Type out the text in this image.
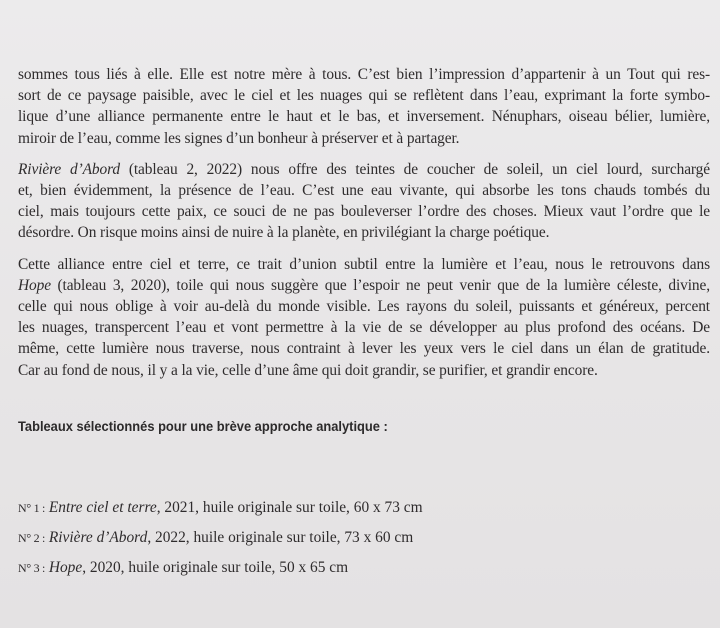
sommes tous liés à elle. Elle est notre mère à tous. C’est bien l’impression d’appartenir à un Tout qui res-
sort de ce paysage paisible, avec le ciel et les nuages qui se reflètent dans l’eau, exprimant la forte symbo-
lique d’une alliance permanente entre le haut et le bas, et inversement. Nénuphars, oiseau bélier, lumière,
miroir de l’eau, comme les signes d’un bonheur à préserver et à partager.

Rivière d’Abord (tableau 2, 2022) nous offre des teintes de coucher de soleil, un ciel lourd, surchargé
et, bien évidemment, la présence de l’eau. C’est une eau vivante, qui absorbe les tons chauds tombés du
ciel, mais toujours cette paix, ce souci de ne pas bouleverser l’ordre des choses. Mieux vaut l’ordre que le
désordre. On risque moins ainsi de nuire à la planète, en privilégiant la charge poétique.

Cette alliance entre ciel et terre, ce trait d’union subtil entre la lumière et l’eau, nous le retrouvons dans
Hope (tableau 3, 2020), toile qui nous suggère que l’espoir ne peut venir que de la lumière céleste, divine,
celle qui nous oblige à voir au-delà du monde visible. Les rayons du soleil, puissants et généreux, percent
les nuages, transpercent l’eau et vont permettre à la vie de se développer au plus profond des océans. De
même, cette lumière nous traverse, nous contraint à lever les yeux vers le ciel dans un élan de gratitude.
Car au fond de nous, il y a la vie, celle d’une âme qui doit grandir, se purifier, et grandir encore.

Tableaux sélectionnés pour une brève approche analytique :
N° 1 : Entre ciel et terre, 2021, huile originale sur toile, 60 x 73 cm
N° 2 : Rivière d’Abord, 2022, huile originale sur toile, 73 x 60 cm
N° 3 : Hope, 2020, huile originale sur toile, 50 x 65 cm
